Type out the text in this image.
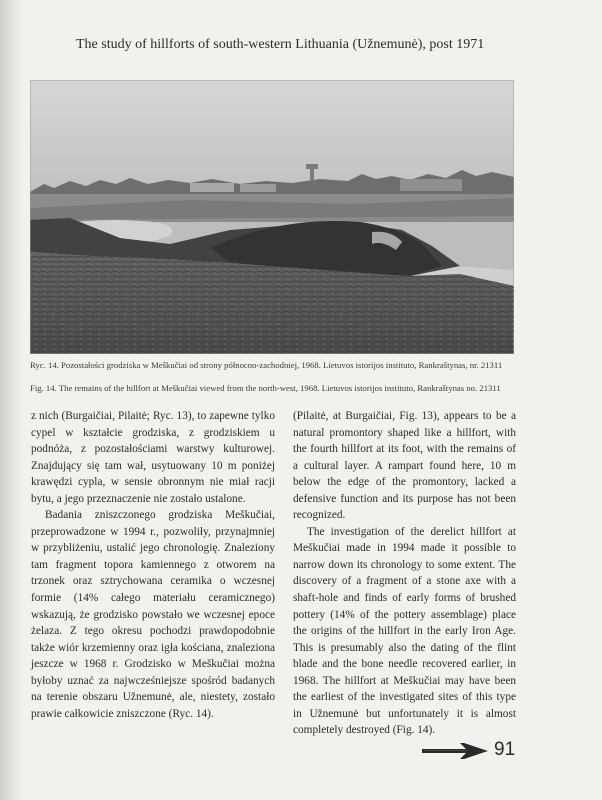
The study of hillforts of south-western Lithuania (Užnemunė), post 1971
Ryc. 14. Pozostałości grodziska w Meškučiai od strony północno-zachodniej, 1968. Lietuvos istorijos instituto, Rankraštynas, nr. 21311
Fig. 14. The remains of the hillfort at Meškučiai viewed from the north-west, 1968. Lietuvos istorijos instituto, Rankraštynas no. 21311

z nich (Burgaičiai, Pilaitė; Ryc. 13), to zapewne tylko cypel w kształcie grodziska, z grodziskiem u podnóża, z pozostałościami warstwy kulturowej. Znajdujący się tam wał, usytuowany 10 m poniżej krawędzi cypla, w sensie obronnym nie miał racji bytu, a jego przeznaczenie nie zostało ustalone.

Badania zniszczonego grodziska Meškučiai, przeprowadzone w 1994 r., pozwoliły, przynajmniej w przybliżeniu, ustalić jego chronologię. Znaleziony tam fragment topora kamiennego z otworem na trzonek oraz sztrychowana ceramika o wczesnej formie (14% całego materiału ceramicznego) wskazują, że grodzisko powstało we wczesnej epoce żelaza. Z tego okresu pochodzi prawdopodobnie także wiór krzemienny oraz igła kościana, znaleziona jeszcze w 1968 r. Grodzisko w Meškučiai można byłoby uznać za najwcześniejsze spośród badanych na terenie obszaru Užnemunė, ale, niestety, zostało prawie całkowicie zniszczone (Ryc. 14).

(Pilaitė, at Burgaičiai, Fig. 13), appears to be a natural promontory shaped like a hillfort, with the fourth hillfort at its foot, with the remains of a cultural layer. A rampart found here, 10 m below the edge of the promontory, lacked a defensive function and its purpose has not been recognized.

The investigation of the derelict hillfort at Meškučiai made in 1994 made it possible to narrow down its chronology to some extent. The discovery of a fragment of a stone axe with a shaft-hole and finds of early forms of brushed pottery (14% of the pottery assemblage) place the origins of the hillfort in the early Iron Age. This is presumably also the dating of the flint blade and the bone needle recovered earlier, in 1968. The hillfort at Meškučiai may have been the earliest of the investigated sites of this type in Užnemunė but unfortunately it is almost completely destroyed (Fig. 14).

91
